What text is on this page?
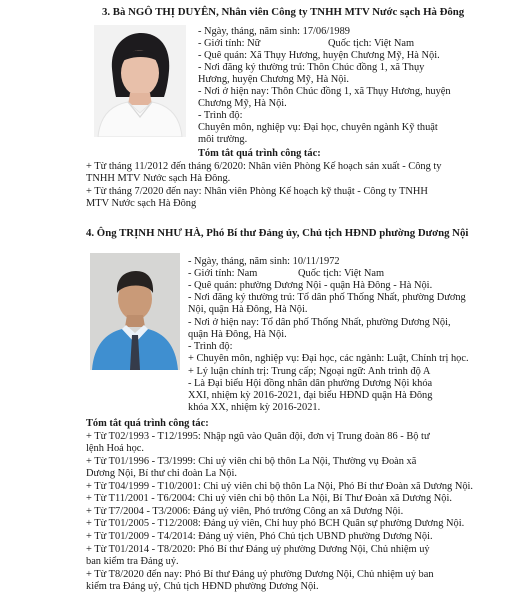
3. Bà NGÔ THỊ DUYÊN, Nhân viên Công ty TNHH MTV Nước sạch Hà Đông
- Ngày, tháng, năm sinh: 17/06/1989
- Giới tính: Nữ	Quốc tịch: Việt Nam
- Quê quán: Xã Thụy Hương, huyện Chương Mỹ, Hà Nội.
- Nơi đăng ký thường trú: Thôn Chúc đồng 1, xã Thụy
Hương, huyện Chương Mỹ, Hà Nội.
- Nơi ở hiện nay: Thôn Chúc đồng 1, xã Thụy Hương, huyện
Chương Mỹ, Hà Nội.
- Trình độ:
Chuyên môn, nghiệp vụ: Đại học, chuyên ngành Kỹ thuật
môi trường.
Tóm tắt quá trình công tác:
+ Từ tháng 11/2012 đến tháng 6/2020: Nhân viên Phòng Kế hoạch sản xuất - Công ty
TNHH MTV Nước sạch Hà Đông.
+ Từ tháng 7/2020 đến nay: Nhân viên Phòng Kế hoạch kỹ thuật - Công ty TNHH
MTV Nước sạch Hà Đông
4. Ông TRỊNH NHƯ HÀ, Phó Bí thư Đảng ủy, Chủ tịch HĐND phường Dương Nội
- Ngày, tháng, năm sinh: 10/11/1972
- Giới tính: Nam	Quốc tịch: Việt Nam
- Quê quán: phường Dương Nội - quận Hà Đông - Hà Nội.
- Nơi đăng ký thường trú: Tổ dân phố Thống Nhất, phường Dương
Nội, quận Hà Đông, Hà Nội.
- Nơi ở hiện nay: Tổ dân phố Thống Nhất, phường Dương Nội,
quận Hà Đông, Hà Nội.
- Trình độ:
+ Chuyên môn, nghiệp vụ: Đại học, các ngành: Luật, Chính trị học.
+ Lý luận chính trị: Trung cấp; Ngoại ngữ: Anh trình độ A
- Là Đại biểu Hội đồng nhân dân phường Dương Nội khóa
XXI, nhiệm kỳ 2016-2021, đại biểu HĐND quận Hà Đông
khóa XX, nhiệm kỳ 2016-2021.
Tóm tắt quá trình công tác:
+ Từ T02/1993 - T12/1995: Nhập ngũ vào Quân đội, đơn vị Trung đoàn 86 - Bộ tư
lệnh Hoá học.
+ Từ T01/1996 - T3/1999: Chi uỷ viên chi bộ thôn La Nội, Thường vụ Đoàn xã
Dương Nội, Bí thư chi đoàn La Nội.
+ Từ T04/1999 - T10/2001: Chi uỷ viên chi bộ thôn La Nội, Phó Bí thư Đoàn xã Dương Nội.
+ Từ T11/2001 - T6/2004: Chi uỷ viên chi bộ thôn La Nội, Bí Thư Đoàn xã Dương Nội.
+ Từ T7/2004 - T3/2006: Đảng uỷ viên, Phó trưởng Công an xã Dương Nội.
+ Từ T01/2005 - T12/2008: Đảng uỷ viên, Chỉ huy phó BCH Quân sự phường Dương Nội.
+ Từ T01/2009 - T4/2014: Đảng uỷ viên, Phó Chủ tịch UBND phường Dương Nội.
+ Từ T01/2014 - T8/2020: Phó Bí thư Đảng uỷ phường Dương Nội, Chủ nhiệm uỷ
ban kiểm tra Đảng uỷ.
+ Từ T8/2020 đến nay: Phó Bí thư Đảng uỷ phường Dương Nội, Chủ nhiệm uỷ ban
kiểm tra Đảng uỷ, Chủ tịch HĐND phường Dương Nội.
